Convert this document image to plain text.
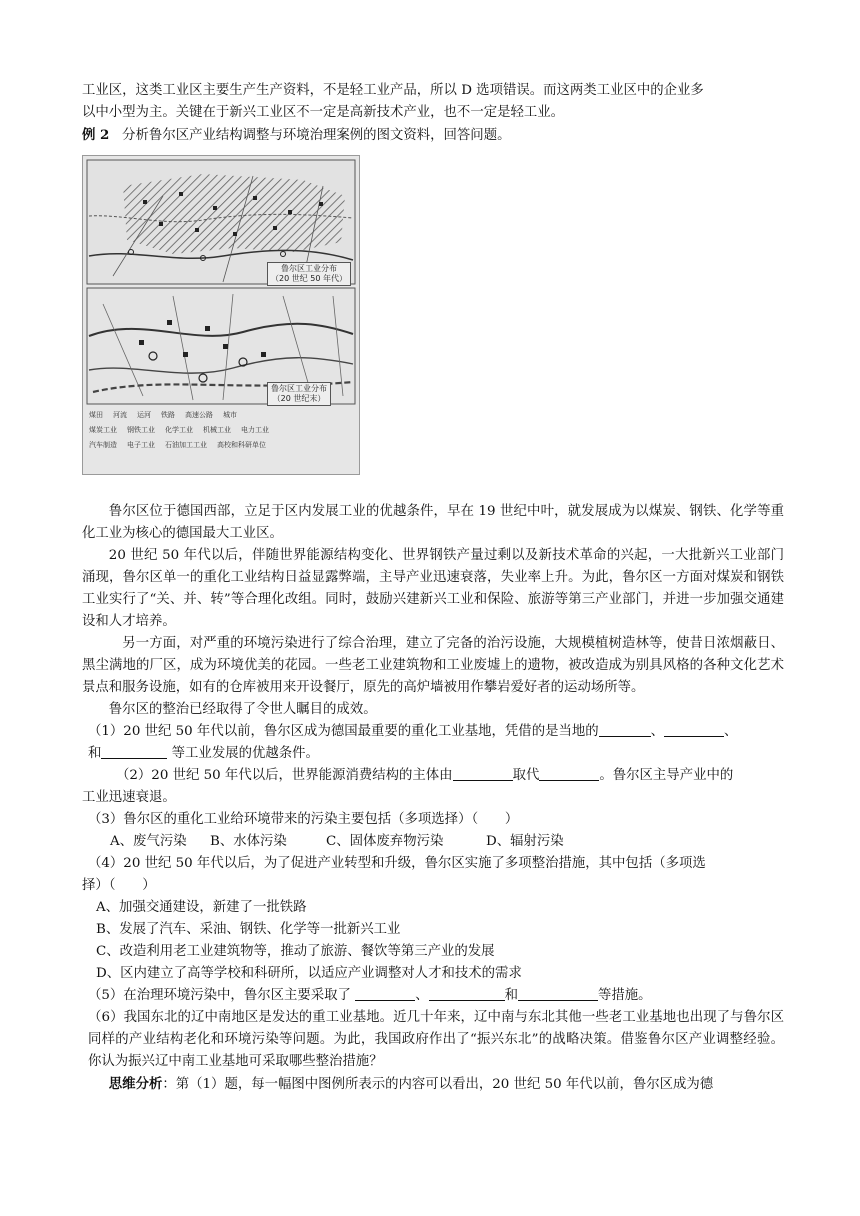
工业区，这类工业区主要生产生产资料，不是轻工业产品，所以 D 选项错误。而这两类工业区中的企业多

以中小型为主。关键在于新兴工业区不一定是高新技术产业，也不一定是轻工业。

例 2 分析鲁尔区产业结构调整与环境治理案例的图文资料，回答问题。

鲁尔区工业分布
（20 世纪 50 年代）
鲁尔区工业分布
（20 世纪末）
煤田 河流 运河 铁路 高速公路 城市
煤炭工业 钢铁工业 化学工业 机械工业 电力工业
汽车制造 电子工业 石油加工工业 高校和科研单位

鲁尔区位于德国西部，立足于区内发展工业的优越条件，早在 19 世纪中叶，就发展成为以煤炭、钢铁、化学等重化工业为核心的德国最大工业区。

20 世纪 50 年代以后，伴随世界能源结构变化、世界钢铁产量过剩以及新技术革命的兴起，一大批新兴工业部门涌现，鲁尔区单一的重化工业结构日益显露弊端，主导产业迅速衰落，失业率上升。为此，鲁尔区一方面对煤炭和钢铁工业实行了“关、并、转”等合理化改组。同时，鼓励兴建新兴工业和保险、旅游等第三产业部门，并进一步加强交通建设和人才培养。

另一方面，对严重的环境污染进行了综合治理，建立了完备的治污设施，大规模植树造林等，使昔日浓烟蔽日、黑尘满地的厂区，成为环境优美的花园。一些老工业建筑物和工业废墟上的遗物，被改造成为别具风格的各种文化艺术景点和服务设施，如有的仓库被用来开设餐厅，原先的高炉墙被用作攀岩爱好者的运动场所等。

鲁尔区的整治已经取得了令世人瞩目的成效。

（1）20 世纪 50 年代以前，鲁尔区成为德国最重要的重化工业基地，凭借的是当地的	、	、
和	等工业发展的优越条件。

（2）20 世纪 50 年代以后，世界能源消费结构的主体由	取代	。鲁尔区主导产业中的

工业迅速衰退。

（3）鲁尔区的重化工业给环境带来的污染主要包括（多项选择）（　　）

A、废气污染	B、水体污染	C、固体废弃物污染	D、辐射污染

（4）20 世纪 50 年代以后，为了促进产业转型和升级，鲁尔区实施了多项整治措施，其中包括（多项选

择）（　　）

A、加强交通建设，新建了一批铁路

B、发展了汽车、采油、钢铁、化学等一批新兴工业

C、改造利用老工业建筑物等，推动了旅游、餐饮等第三产业的发展

D、区内建立了高等学校和科研所，以适应产业调整对人才和技术的需求

（5）在治理环境污染中，鲁尔区主要采取了	、	和	等措施。

（6）我国东北的辽中南地区是发达的重工业基地。近几十年来，辽中南与东北其他一些老工业基地也出现了与鲁尔区同样的产业结构老化和环境污染等问题。为此，我国政府作出了“振兴东北”的战略决策。借鉴鲁尔区产业调整经验。你认为振兴辽中南工业基地可采取哪些整治措施？

思维分析：第（1）题，每一幅图中图例所表示的内容可以看出，20 世纪 50 年代以前，鲁尔区成为德
